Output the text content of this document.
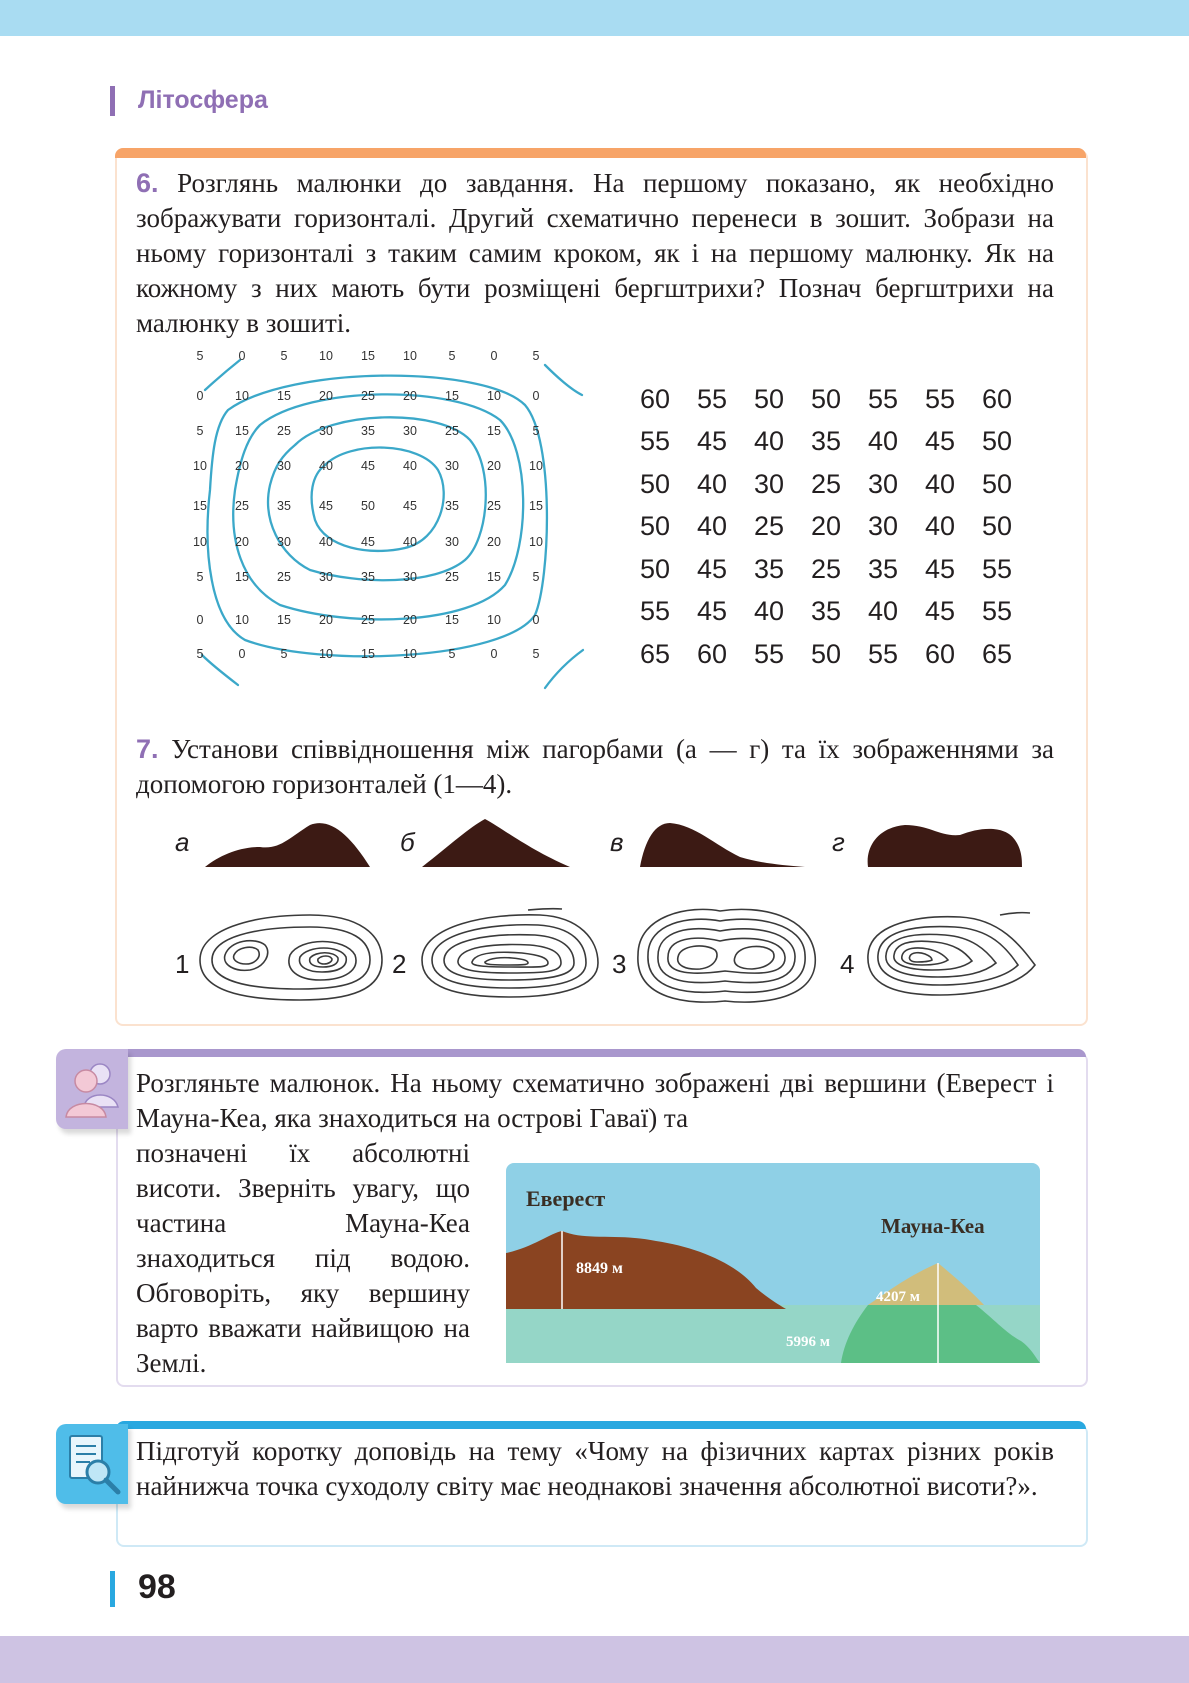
Літосфера
6. Розглянь малюнки до завдання. На першому показано, як необхідно зображувати горизонталі. Другий схематично перенеси в зошит. Зобрази на ньому горизонталі з таким самим кроком, як і на першому малюнку. Як на кожному з них мають бути розміщені бергштрихи? Познач бергштрихи на малюнку в зошиті.
5	0	5	10 15 10	5	0	5
0	10 15 20 25 20 15 10	0
5	15 25 30 35 30 25 15	5
10 20 30 40 45 40 30 20 10
15 25 35 45 50 45 35 25 15
10 20 30 40 45 40 30 20 10
5	15 25 30 35 30 25 15	5
0	10 15 20 25 20 15 10	0
5	0	5	10 15 10	5	0	5
60	55	50	50	55	55	60
55	45	40	35	40	45	50
50	40	30	25	30	40	50
50	40	25	20	30	40	50
50	45	35	25	35	45	55
55	45	40	35	40	45	55
65	60	55	50	55	60	65
7. Установи співвідношення між пагорбами (а — г) та їх зображеннями за допомогою горизонталей (1—4).
а	б	в	г
1	2	3	4
Розгляньте малюнок. На ньому схематично зображені дві вершини (Еверест і Мауна-Кеа, яка знаходиться на острові Гаваї) та
позначені їх абсолютні висоти. Зверніть увагу, що частина Мауна-Кеа знаходиться під водою. Обговоріть, яку вершину варто вважати найвищою на Землі.
Еверест
8849 м
Мауна-Кеа
4207 м
5996 м
Підготуй коротку доповідь на тему «Чому на фізичних картах різних років найнижча точка суходолу світу має неоднакові значення абсолютної висоти?».
98
